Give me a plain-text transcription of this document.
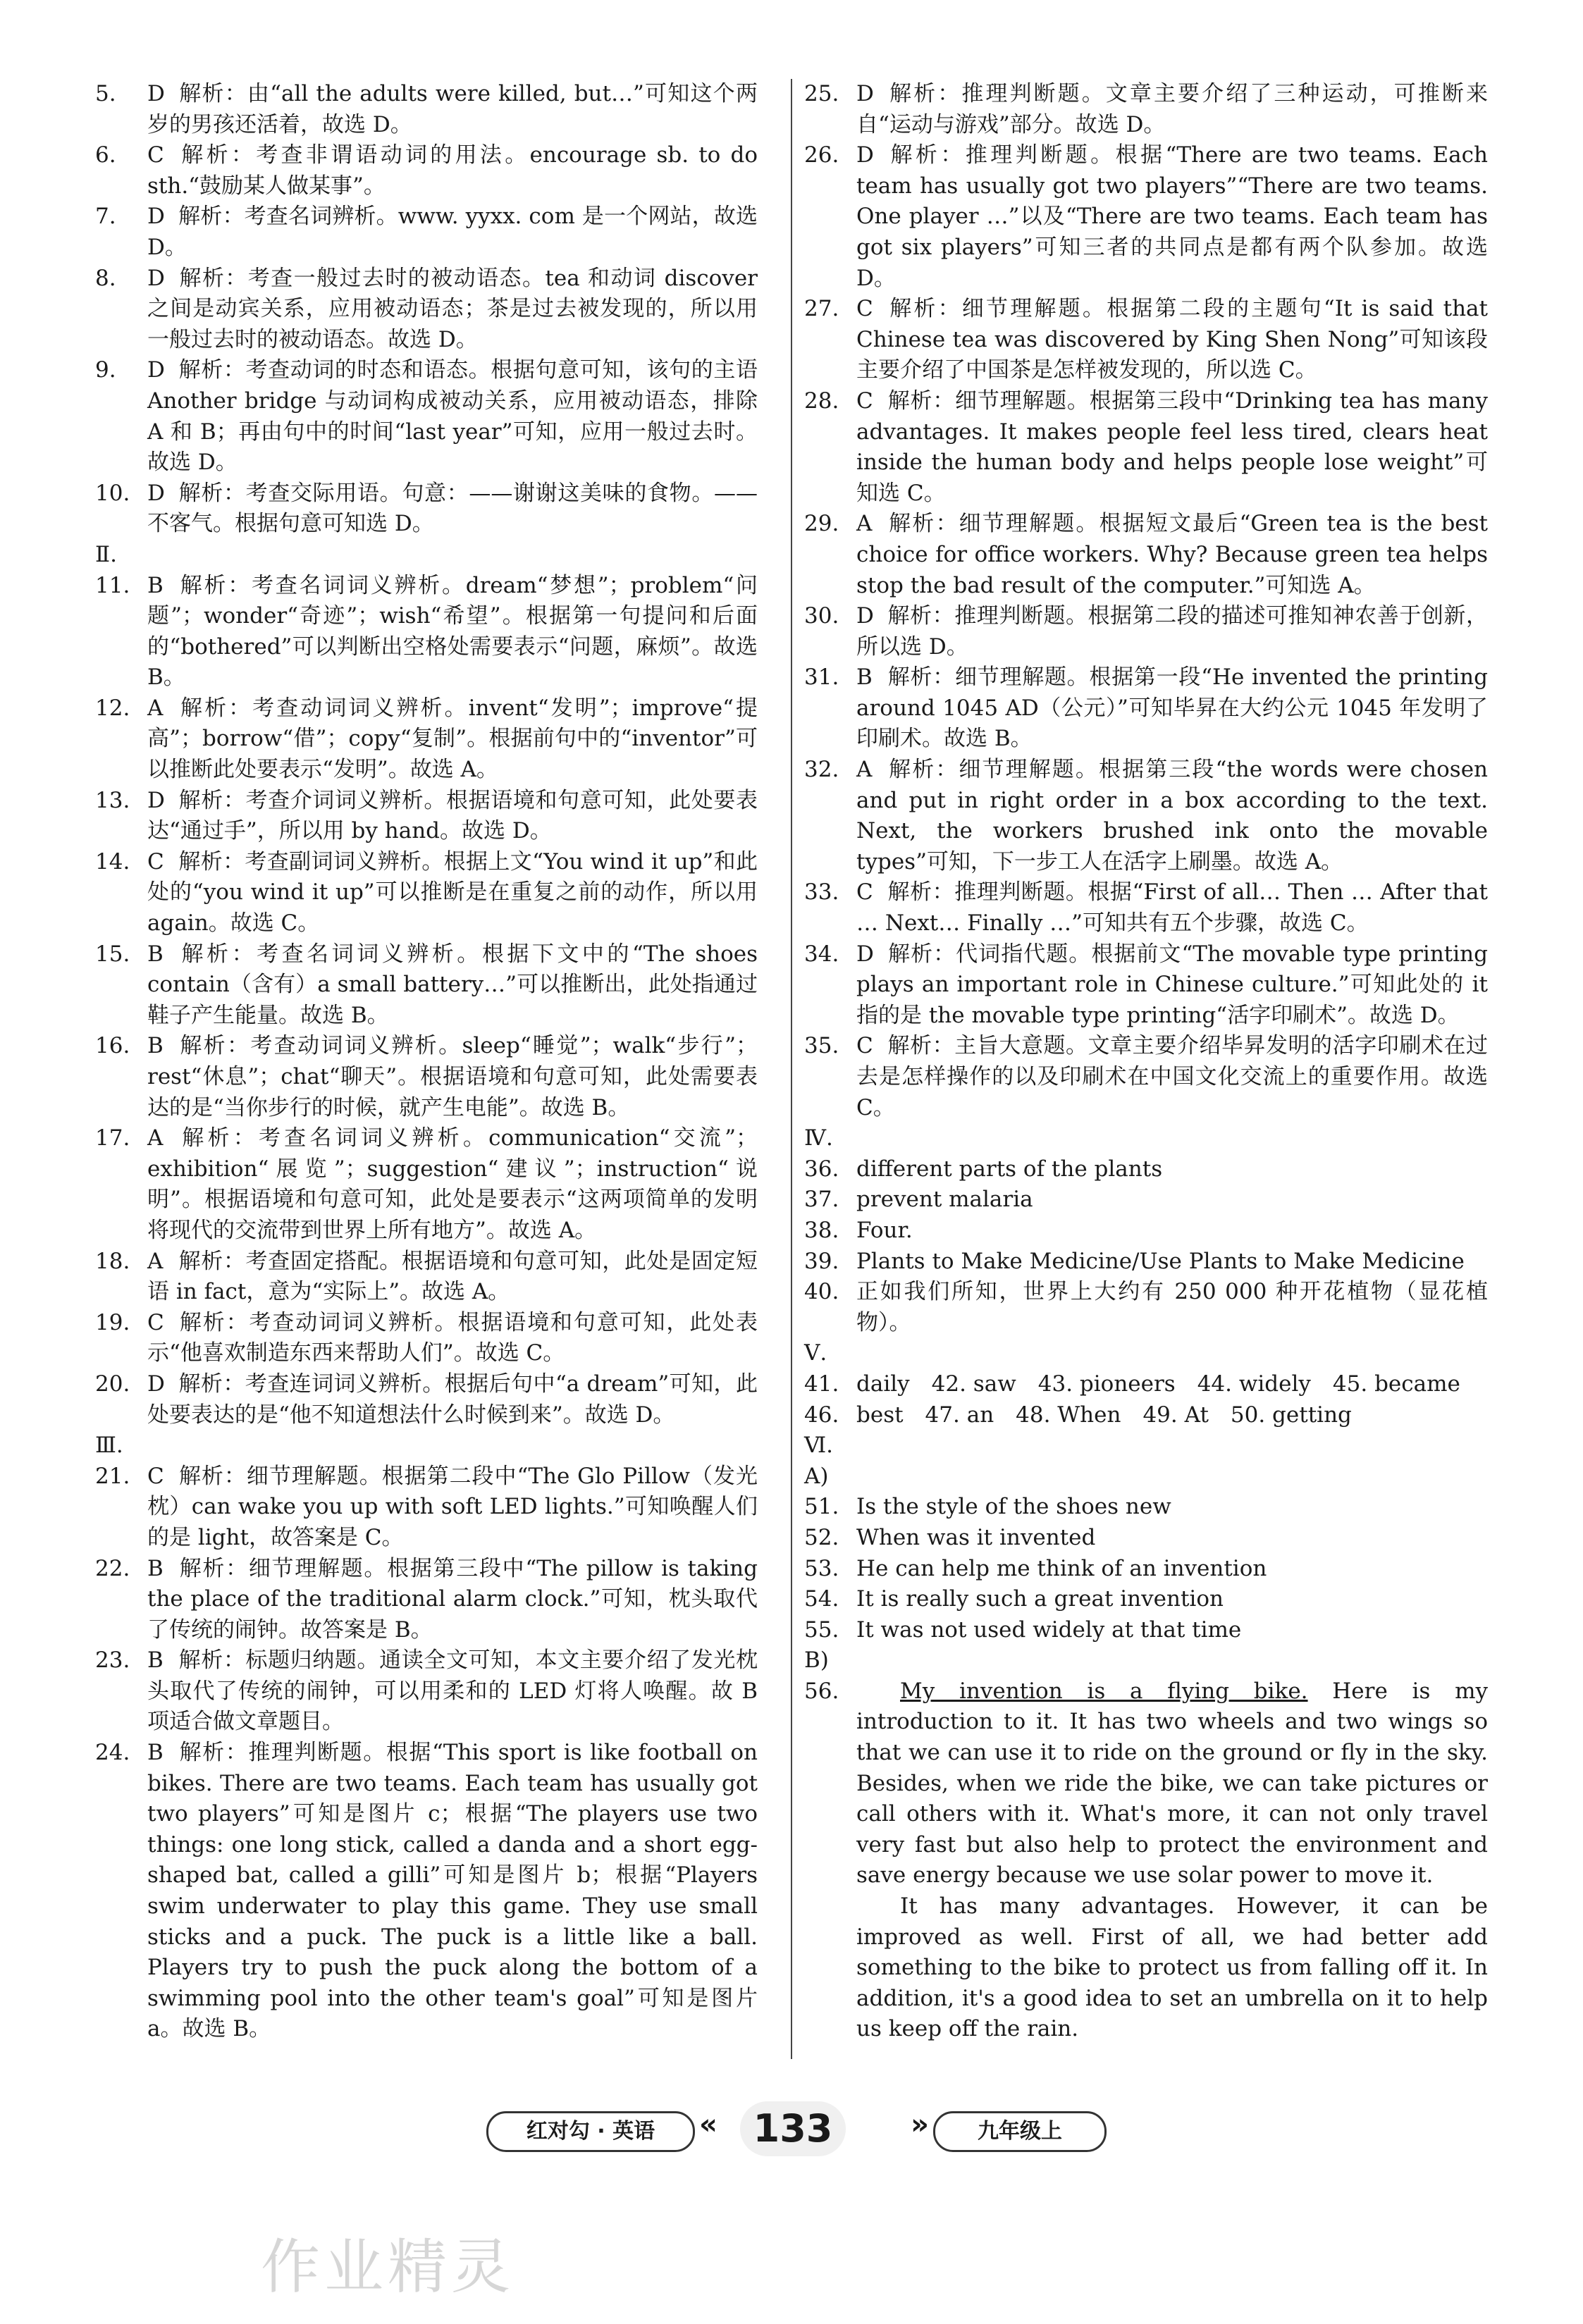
5. D 解析：由“all the adults were killed, but…”可知这个两岁的男孩还活着，故选 D。

6. C 解析：考查非谓语动词的用法。encourage sb. to do sth.“鼓励某人做某事”。

7. D 解析：考查名词辨析。www. yyxx. com 是一个网站，故选 D。

8. D 解析：考查一般过去时的被动语态。tea 和动词 discover 之间是动宾关系，应用被动语态；茶是过去被发现的，所以用一般过去时的被动语态。故选 D。

9. D 解析：考查动词的时态和语态。根据句意可知，该句的主语 Another bridge 与动词构成被动关系，应用被动语态，排除 A 和 B；再由句中的时间“last year”可知，应用一般过去时。故选 D。

10. D 解析：考查交际用语。句意：——谢谢这美味的食物。——不客气。根据句意可知选 D。

Ⅱ.

11. B 解析：考查名词词义辨析。dream“梦想”；problem“问题”；wonder“奇迹”；wish“希望”。根据第一句提问和后面的“bothered”可以判断出空格处需要表示“问题，麻烦”。故选 B。

12. A 解析：考查动词词义辨析。invent“发明”；improve“提高”；borrow“借”；copy“复制”。根据前句中的“inventor”可以推断此处要表示“发明”。故选 A。

13. D 解析：考查介词词义辨析。根据语境和句意可知，此处要表达“通过手”，所以用 by hand。故选 D。

14. C 解析：考查副词词义辨析。根据上文“You wind it up”和此处的“you wind it up”可以推断是在重复之前的动作，所以用 again。故选 C。

15. B 解析：考查名词词义辨析。根据下文中的“The shoes contain（含有）a small battery…”可以推断出，此处指通过鞋子产生能量。故选 B。

16. B 解析：考查动词词义辨析。sleep“睡觉”；walk“步行”；rest“休息”；chat“聊天”。根据语境和句意可知，此处需要表达的是“当你步行的时候，就产生电能”。故选 B。

17. A 解析：考查名词词义辨析。communication“交流”；exhibition“展览”；suggestion“建议”；instruction“说明”。根据语境和句意可知，此处是要表示“这两项简单的发明将现代的交流带到世界上所有地方”。故选 A。

18. A 解析：考查固定搭配。根据语境和句意可知，此处是固定短语 in fact，意为“实际上”。故选 A。

19. C 解析：考查动词词义辨析。根据语境和句意可知，此处表示“他喜欢制造东西来帮助人们”。故选 C。

20. D 解析：考查连词词义辨析。根据后句中“a dream”可知，此处要表达的是“他不知道想法什么时候到来”。故选 D。

Ⅲ.

21. C 解析：细节理解题。根据第二段中“The Glo Pillow（发光枕）can wake you up with soft LED lights.”可知唤醒人们的是 light，故答案是 C。

22. B 解析：细节理解题。根据第三段中“The pillow is taking the place of the traditional alarm clock.”可知，枕头取代了传统的闹钟。故答案是 B。

23. B 解析：标题归纳题。通读全文可知，本文主要介绍了发光枕头取代了传统的闹钟，可以用柔和的 LED 灯将人唤醒。故 B 项适合做文章题目。

24. B 解析：推理判断题。根据“This sport is like football on bikes. There are two teams. Each team has usually got two players”可知是图片 c；根据“The players use two things: one long stick, called a danda and a short egg-shaped bat, called a gilli”可知是图片 b；根据“Players swim underwater to play this game. They use small sticks and a puck. The puck is a little like a ball. Players try to push the puck along the bottom of a swimming pool into the other team's goal”可知是图片 a。故选 B。

25. D 解析：推理判断题。文章主要介绍了三种运动，可推断来自“运动与游戏”部分。故选 D。

26. D 解析：推理判断题。根据“There are two teams. Each team has usually got two players”“There are two teams. One player …”以及“There are two teams. Each team has got six players”可知三者的共同点是都有两个队参加。故选 D。

27. C 解析：细节理解题。根据第二段的主题句“It is said that Chinese tea was discovered by King Shen Nong”可知该段主要介绍了中国茶是怎样被发现的，所以选 C。

28. C 解析：细节理解题。根据第三段中“Drinking tea has many advantages. It makes people feel less tired, clears heat inside the human body and helps people lose weight”可知选 C。

29. A 解析：细节理解题。根据短文最后“Green tea is the best choice for office workers. Why? Because green tea helps stop the bad result of the computer.”可知选 A。

30. D 解析：推理判断题。根据第二段的描述可推知神农善于创新，所以选 D。

31. B 解析：细节理解题。根据第一段“He invented the printing around 1045 AD（公元）”可知毕昇在大约公元 1045 年发明了印刷术。故选 B。

32. A 解析：细节理解题。根据第三段“the words were chosen and put in right order in a box according to the text. Next, the workers brushed ink onto the movable types”可知，下一步工人在活字上刷墨。故选 A。

33. C 解析：推理判断题。根据“First of all… Then … After that … Next… Finally …”可知共有五个步骤，故选 C。

34. D 解析：代词指代题。根据前文“The movable type printing plays an important role in Chinese culture.”可知此处的 it 指的是 the movable type printing“活字印刷术”。故选 D。

35. C 解析：主旨大意题。文章主要介绍毕昇发明的活字印刷术在过去是怎样操作的以及印刷术在中国文化交流上的重要作用。故选 C。

Ⅳ.

36. different parts of the plants

37. prevent malaria

38. Four.

39. Plants to Make Medicine/Use Plants to Make Medicine

40. 正如我们所知，世界上大约有 250 000 种开花植物（显花植物）。

Ⅴ.

41. daily　42. saw　43. pioneers　44. widely　45. became

46. best　47. an　48. When　49. At　50. getting

Ⅵ.

A)

51. Is the style of the shoes new

52. When was it invented

53. He can help me think of an invention

54. It is really such a great invention

55. It was not used widely at that time

B)

56.	My invention is a flying bike. Here is my introduction to it. It has two wheels and two wings so that we can use it to ride on the ground or fly in the sky. Besides, when we ride the bike, we can take pictures or call others with it. What's more, it can not only travel very fast but also help to protect the environment and save energy because we use solar power to move it.

It has many advantages. However, it can be improved as well. First of all, we had better add something to the bike to protect us from falling off it. In addition, it's a good idea to set an umbrella on it to help us keep off the rain.

红对勾 · 英语	« 133	»	九年级上
作业精灵
